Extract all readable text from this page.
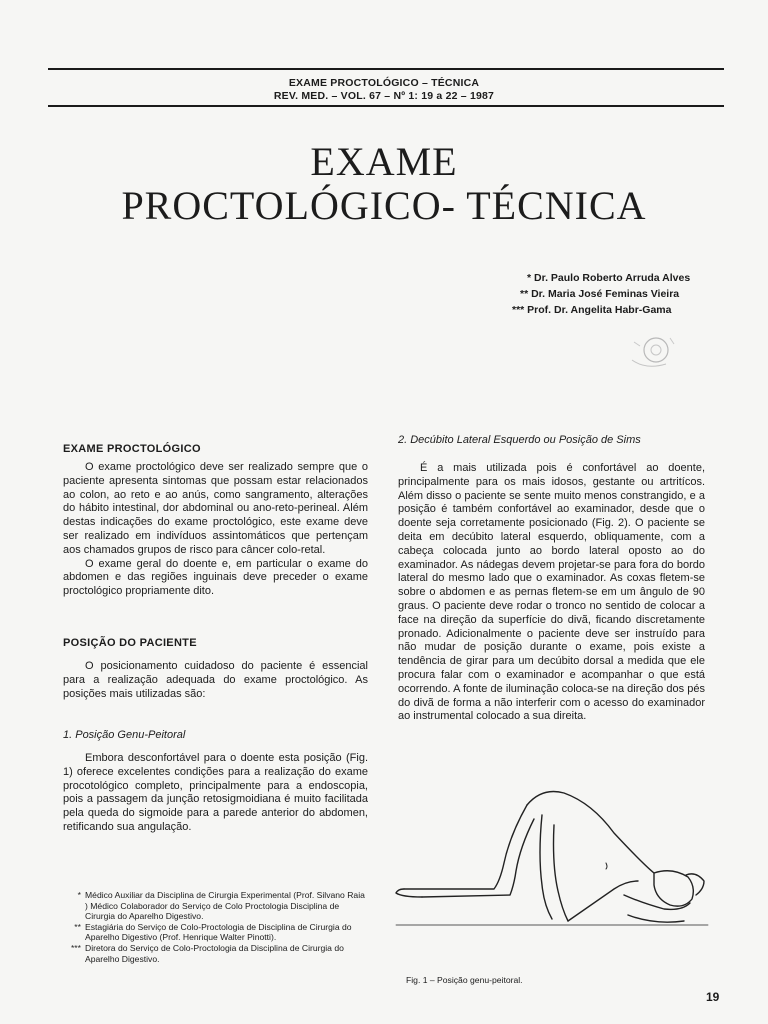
EXAME PROCTOLÓGICO – TÉCNICA
REV. MED. – VOL. 67 – Nº 1: 19 a 22 – 1987
EXAME
PROCTOLÓGICO- TÉCNICA
* Dr. Paulo Roberto Arruda Alves
** Dr. Maria José Feminas Vieira
*** Prof. Dr. Angelita Habr-Gama
EXAME PROCTOLÓGICO

O exame proctológico deve ser realizado sempre que o paciente apresenta sintomas que possam estar relacionados ao colon, ao reto e ao anús, como sangramento, alterações do hábito intestinal, dor abdominal ou ano-reto-perineal. Além destas indicações do exame proctológico, este exame deve ser realizado em indivíduos assintomáticos que pertençam aos chamados grupos de risco para câncer colo-retal.

O exame geral do doente e, em particular o exame do abdomen e das regiões inguinais deve preceder o exame proctológico propriamente dito.

POSIÇÃO DO PACIENTE

O posicionamento cuidadoso do paciente é essencial para a realização adequada do exame proctológico. As posições mais utilizadas são:

1. Posição Genu-Peitoral

Embora desconfortável para o doente esta posição (Fig. 1) oferece excelentes condições para a realização do exame procotológico completo, principalmente para a endoscopia, pois a passagem da junção retosigmoidiana é muito facilitada pela queda do sigmoide para a parede anterior do abdomen, retificando sua angulação.

* Médico Auxiliar da Disciplina de Cirurgia Experimental (Prof. Silvano Raia ) Médico Colaborador do Serviço de Colo Proctologia Disciplina de Cirurgia do Aparelho Digestivo.
** Estagiária do Serviço de Colo-Proctologia de Disciplina de Cirurgia do Aparelho Digestivo (Prof. Henrique Walter Pinotti).
*** Diretora do Serviço de Colo-Proctologia da Disciplina de Cirurgia do Aparelho Digestivo.
2. Decúbito Lateral Esquerdo ou Posição de Sims

É a mais utilizada pois é confortável ao doente, principalmente para os mais idosos, gestante ou artritícos. Além disso o paciente se sente muito menos constrangido, e a posição é também confortável ao examinador, desde que o doente seja corretamente posicionado (Fig. 2). O paciente se deita em decúbito lateral esquerdo, obliquamente, com a cabeça colocada junto ao bordo lateral oposto ao do examinador. As nádegas devem projetar-se para fora do bordo lateral do mesmo lado que o examinador. As coxas fletem-se sobre o abdomen e as pernas fletem-se em um ângulo de 90 graus. O paciente deve rodar o tronco no sentido de colocar a face na direção da superfície do divã, ficando discretamente pronado. Adicionalmente o paciente deve ser instruído para não mudar de posição durante o exame, pois existe a tendência de girar para um decúbito dorsal a medida que ele procura falar com o examinador e acompanhar o que está ocorrendo. A fonte de iluminação coloca-se na direção dos pés do divã de forma a não interferir com o acesso do examinador ao instrumental colocado a sua direita.

Fig. 1 – Posição genu-peitoral.
19
